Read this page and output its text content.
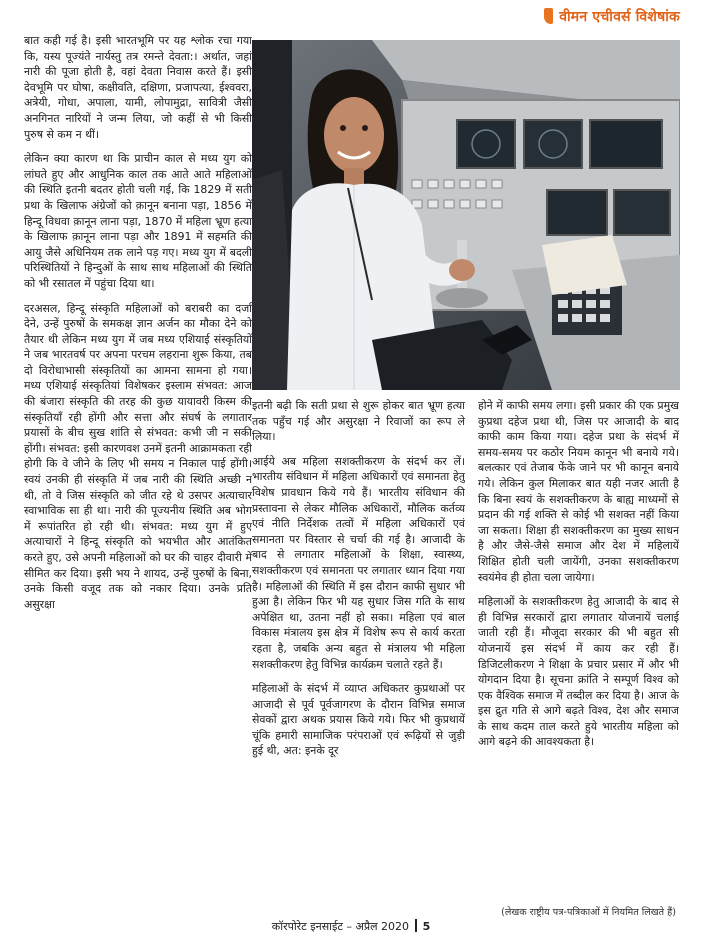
वीमन एचीवर्स विशेषांक

बात कही गई है। इसी भारतभूमि पर यह श्लोक रचा गया कि, यस्य पूज्यंते नार्यस्तु तत्र रमन्ते देवता:। अर्थात, जहां नारी की पूजा होती है, वहां देवता निवास करते हैं। इसी देवभूमि पर घोषा, कक्षीवति, दक्षिणा, प्रजापत्या, ईश्ववरा, अत्रेयी, गोधा, अपाला, यामी, लोपामुद्रा, सावित्री जैसी अनगिनत नारियों ने जन्म लिया, जो कहीं से भी किसी पुरुष से कम न थीं।

लेकिन क्या कारण था कि प्राचीन काल से मध्य युग को लांघते हुए और आधुनिक काल तक आते आते महिलाओं की स्थिति इतनी बदतर होती चली गई, कि 1829 में सती प्रथा के खिलाफ अंग्रेजों को क़ानून बनाना पड़ा, 1856 में हिन्दू विधवा क़ानून लाना पड़ा, 1870 में महिला भ्रूण हत्या के खिलाफ क़ानून लाना पड़ा और 1891 में सहमति की आयु जैसे अधिनियम तक लाने पड़ गए। मध्य युग में बदली परिस्थितियों ने हिन्दुओं के साथ साथ महिलाओं की स्थिति को भी रसातल में पहुंचा दिया था।

दरअसल, हिन्दू संस्कृति महिलाओं को बराबरी का दर्जा देने, उन्हें पुरुषों के समकक्ष ज्ञान अर्जन का मौका देने को तैयार थी लेकिन मध्य युग में जब मध्य एशियाई संस्कृतियों ने जब भारतवर्ष पर अपना परचम लहराना शुरू किया, तब दो विरोधाभासी संस्कृतियों का आमना सामना हो गया। मध्य एशियाई संस्कृतियां विशेषकर इस्लाम संभवत: आज की बंजारा संस्कृति की तरह की कुछ यायावरी किस्म की संस्कृतियाँ रही होंगी और सत्ता और संघर्ष के लगातार प्रयासों के बीच सुख शांति से संभवत: कभी जी न सकी होंगी। संभवत: इसी कारणवश उनमें इतनी आक्रामकता रही होगी कि वे जीने के लिए भी समय न निकाल पाई होंगी। स्वयं उनकी ही संस्कृति में जब नारी की स्थिति अच्छी न थी, तो वे जिस संस्कृति को जीत रहे थे उसपर अत्याचार स्वाभाविक सा ही था। नारी की पूज्यनीय स्थिति अब भोग में रूपांतरित हो रही थी। संभवत: मध्य युग में हुए अत्याचारों ने हिन्दू संस्कृति को भयभीत और आतंकित करते हुए, उसे अपनी महिलाओं को घर की चाहर दीवारी में सीमित कर दिया। इसी भय ने शायद, उन्हें पुरुषों के बिना, उनके किसी वजूद तक को नकार दिया। उनके प्रति असुरक्षा

इतनी बढ़ी कि सती प्रथा से शुरू होकर बात भ्रूण हत्या तक पहुँच गई और असुरक्षा ने रिवाजों का रूप ले लिया।

आईये अब महिला सशक्तीकरण के संदर्भ कर लें। भारतीय संविधान में महिला अधिकारों एवं समानता हेतु विशेष प्रावधान किये गये हैं। भारतीय संविधान की प्रस्तावना से लेकर मौलिक अधिकारों, मौलिक कर्तव्य एवं नीति निर्देशक तत्वों में महिला अधिकारों एवं समानता पर विस्तार से चर्चा की गई है। आजादी के बाद से लगातार महिलाओं के शिक्षा, स्वास्थ्य, सशक्तीकरण एवं समानता पर लगातार ध्यान दिया गया है। महिलाओं की स्थिति में इस दौरान काफी सुधार भी हुआ है। लेकिन फिर भी यह सुधार जिस गति के साथ अपेक्षित था, उतना नहीं हो सका। महिला एवं बाल विकास मंत्रालय इस क्षेत्र में विशेष रूप से कार्य करता रहता है, जबकि अन्य बहुत से मंत्रालय भी महिला सशक्तीकरण हेतु विभिन्न कार्यक्रम चलाते रहते हैं।

महिलाओं के संदर्भ में व्याप्त अधिकतर कुप्रथाओं पर आजादी से पूर्व पूर्वजागरण के दौरान विभिन्न समाज सेवकों द्वारा अथक प्रयास किये गये। फिर भी कुप्रथायें चूंकि हमारी सामाजिक परंपराओं एवं रूढ़ियों से जुड़ी हुई थी, अत: इनके दूर

होने में काफी समय लगा। इसी प्रकार की एक प्रमुख कुप्रथा दहेज प्रथा थी, जिस पर आजादी के बाद काफी काम किया गया। दहेज प्रथा के संदर्भ में समय-समय पर कठोर नियम कानून भी बनाये गये। बलत्कार एवं तेजाब फेंके जाने पर भी कानून बनाये गये। लेकिन कुल मिलाकर बात यही नजर आती है कि बिना स्वयं के सशक्तीकरण के बाह्य माध्यमों से प्रदान की गई शक्ति से कोई भी सशक्त नहीं किया जा सकता। शिक्षा ही सशक्तीकरण का मुख्य साधन है और जैसे-जैसे समाज और देश में महिलायें शिक्षित होती चली जायेंगी, उनका सशक्तीकरण स्वयंमेव ही होता चला जायेगा।

महिलाओं के सशक्तीकरण हेतु आजादी के बाद से ही विभिन्न सरकारों द्वारा लगातार योजनायें चलाई जाती रही हैं। मौजूदा सरकार की भी बहुत सी योजनायें इस संदर्भ में काय कर रही हैं। डिजिटलीकरण ने शिक्षा के प्रचार प्रसार में और भी योगदान दिया है। सूचना क्रांति ने सम्पूर्ण विश्व को एक वैश्विक समाज में तब्दील कर दिया है। आज के इस द्रुत गति से आगे बढ़ते विश्व, देश और समाज के साथ कदम ताल करते हुये भारतीय महिला को आगे बढ़ने की आवश्यकता है।

(लेखक राष्ट्रीय पत्र-पत्रिकाओं में नियमित लिखते हैं)
कॉरपोरेट इनसाईट – अप्रैल 2020 5
